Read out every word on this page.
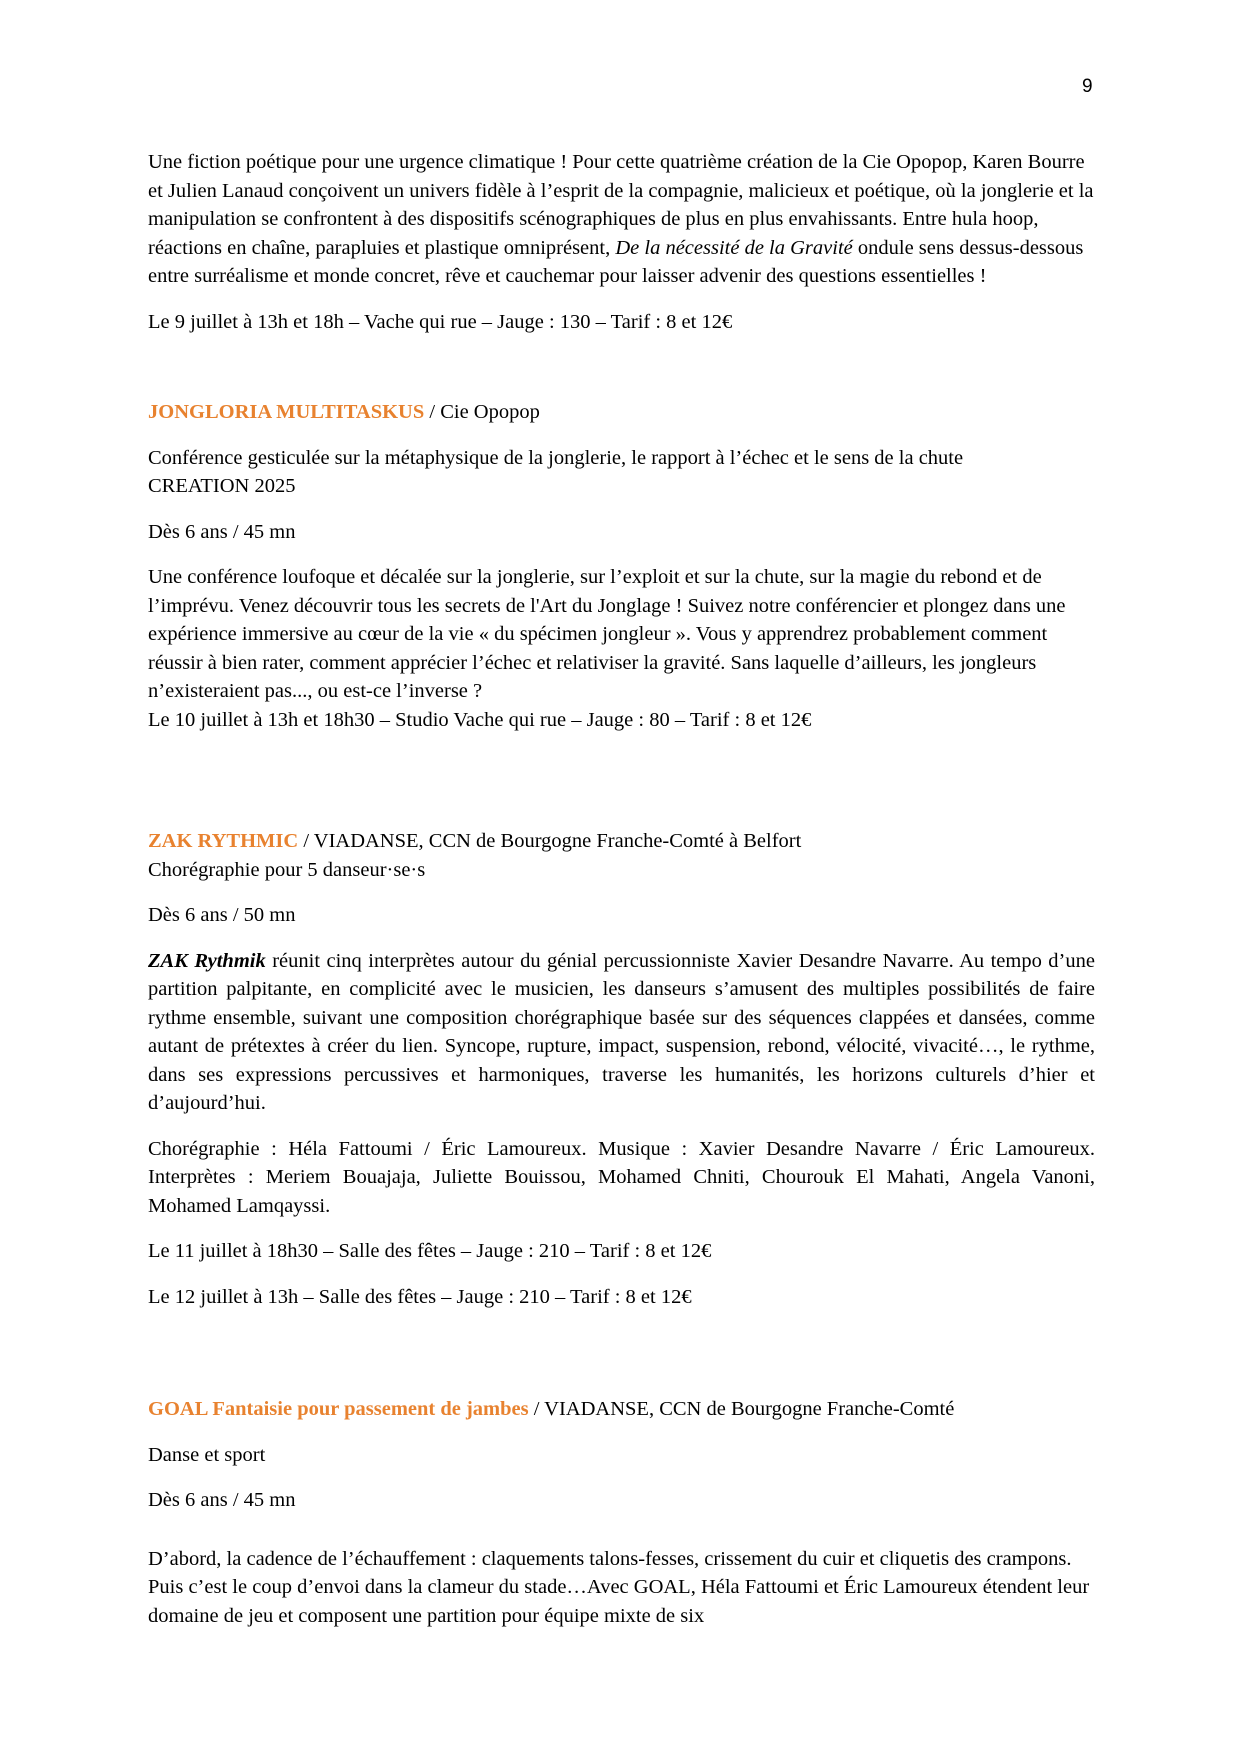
9

Une fiction poétique pour une urgence climatique ! Pour cette quatrième création de la Cie Opopop, Karen Bourre et Julien Lanaud conçoivent un univers fidèle à l’esprit de la compagnie, malicieux et poétique, où la jonglerie et la manipulation se confrontent à des dispositifs scénographiques de plus en plus envahissants. Entre hula hoop, réactions en chaîne, parapluies et plastique omniprésent, De la nécessité de la Gravité ondule sens dessus-dessous entre surréalisme et monde concret, rêve et cauchemar pour laisser advenir des questions essentielles !

Le 9 juillet à 13h et 18h – Vache qui rue – Jauge : 130 – Tarif : 8 et 12€

JONGLORIA MULTITASKUS / Cie Opopop

Conférence gesticulée sur la métaphysique de la jonglerie, le rapport à l’échec et le sens de la chute

CREATION 2025

Dès 6 ans / 45 mn

Une conférence loufoque et décalée sur la jonglerie, sur l’exploit et sur la chute, sur la magie du rebond et de l’imprévu. Venez découvrir tous les secrets de l'Art du Jonglage ! Suivez notre conférencier et plongez dans une expérience immersive au cœur de la vie « du spécimen jongleur ». Vous y apprendrez probablement comment réussir à bien rater, comment apprécier l’échec et relativiser la gravité. Sans laquelle d’ailleurs, les jongleurs n’existeraient pas..., ou est-ce l’inverse ?

Le 10 juillet à 13h et 18h30 – Studio Vache qui rue – Jauge : 80 – Tarif : 8 et 12€

ZAK RYTHMIC / VIADANSE, CCN de Bourgogne Franche-Comté à Belfort

Chorégraphie pour 5 danseur·se·s

Dès 6 ans / 50 mn

ZAK Rythmik réunit cinq interprètes autour du génial percussionniste Xavier Desandre Navarre. Au tempo d’une partition palpitante, en complicité avec le musicien, les danseurs s’amusent des multiples possibilités de faire rythme ensemble, suivant une composition chorégraphique basée sur des séquences clappées et dansées, comme autant de prétextes à créer du lien. Syncope, rupture, impact, suspension, rebond, vélocité, vivacité…, le rythme, dans ses expressions percussives et harmoniques, traverse les humanités, les horizons culturels d’hier et d’aujourd’hui.

Chorégraphie : Héla Fattoumi / Éric Lamoureux. Musique : Xavier Desandre Navarre / Éric Lamoureux. Interprètes : Meriem Bouajaja, Juliette Bouissou, Mohamed Chniti, Chourouk El Mahati, Angela Vanoni, Mohamed Lamqayssi.

Le 11 juillet à 18h30 – Salle des fêtes – Jauge : 210 – Tarif : 8 et 12€

Le 12 juillet à 13h – Salle des fêtes – Jauge : 210 – Tarif : 8 et 12€

GOAL Fantaisie pour passement de jambes / VIADANSE, CCN de Bourgogne Franche-Comté

Danse et sport

Dès 6 ans / 45 mn

D’abord, la cadence de l’échauffement : claquements talons-fesses, crissement du cuir et cliquetis des crampons. Puis c’est le coup d’envoi dans la clameur du stade…Avec GOAL, Héla Fattoumi et Éric Lamoureux étendent leur domaine de jeu et composent une partition pour équipe mixte de six
